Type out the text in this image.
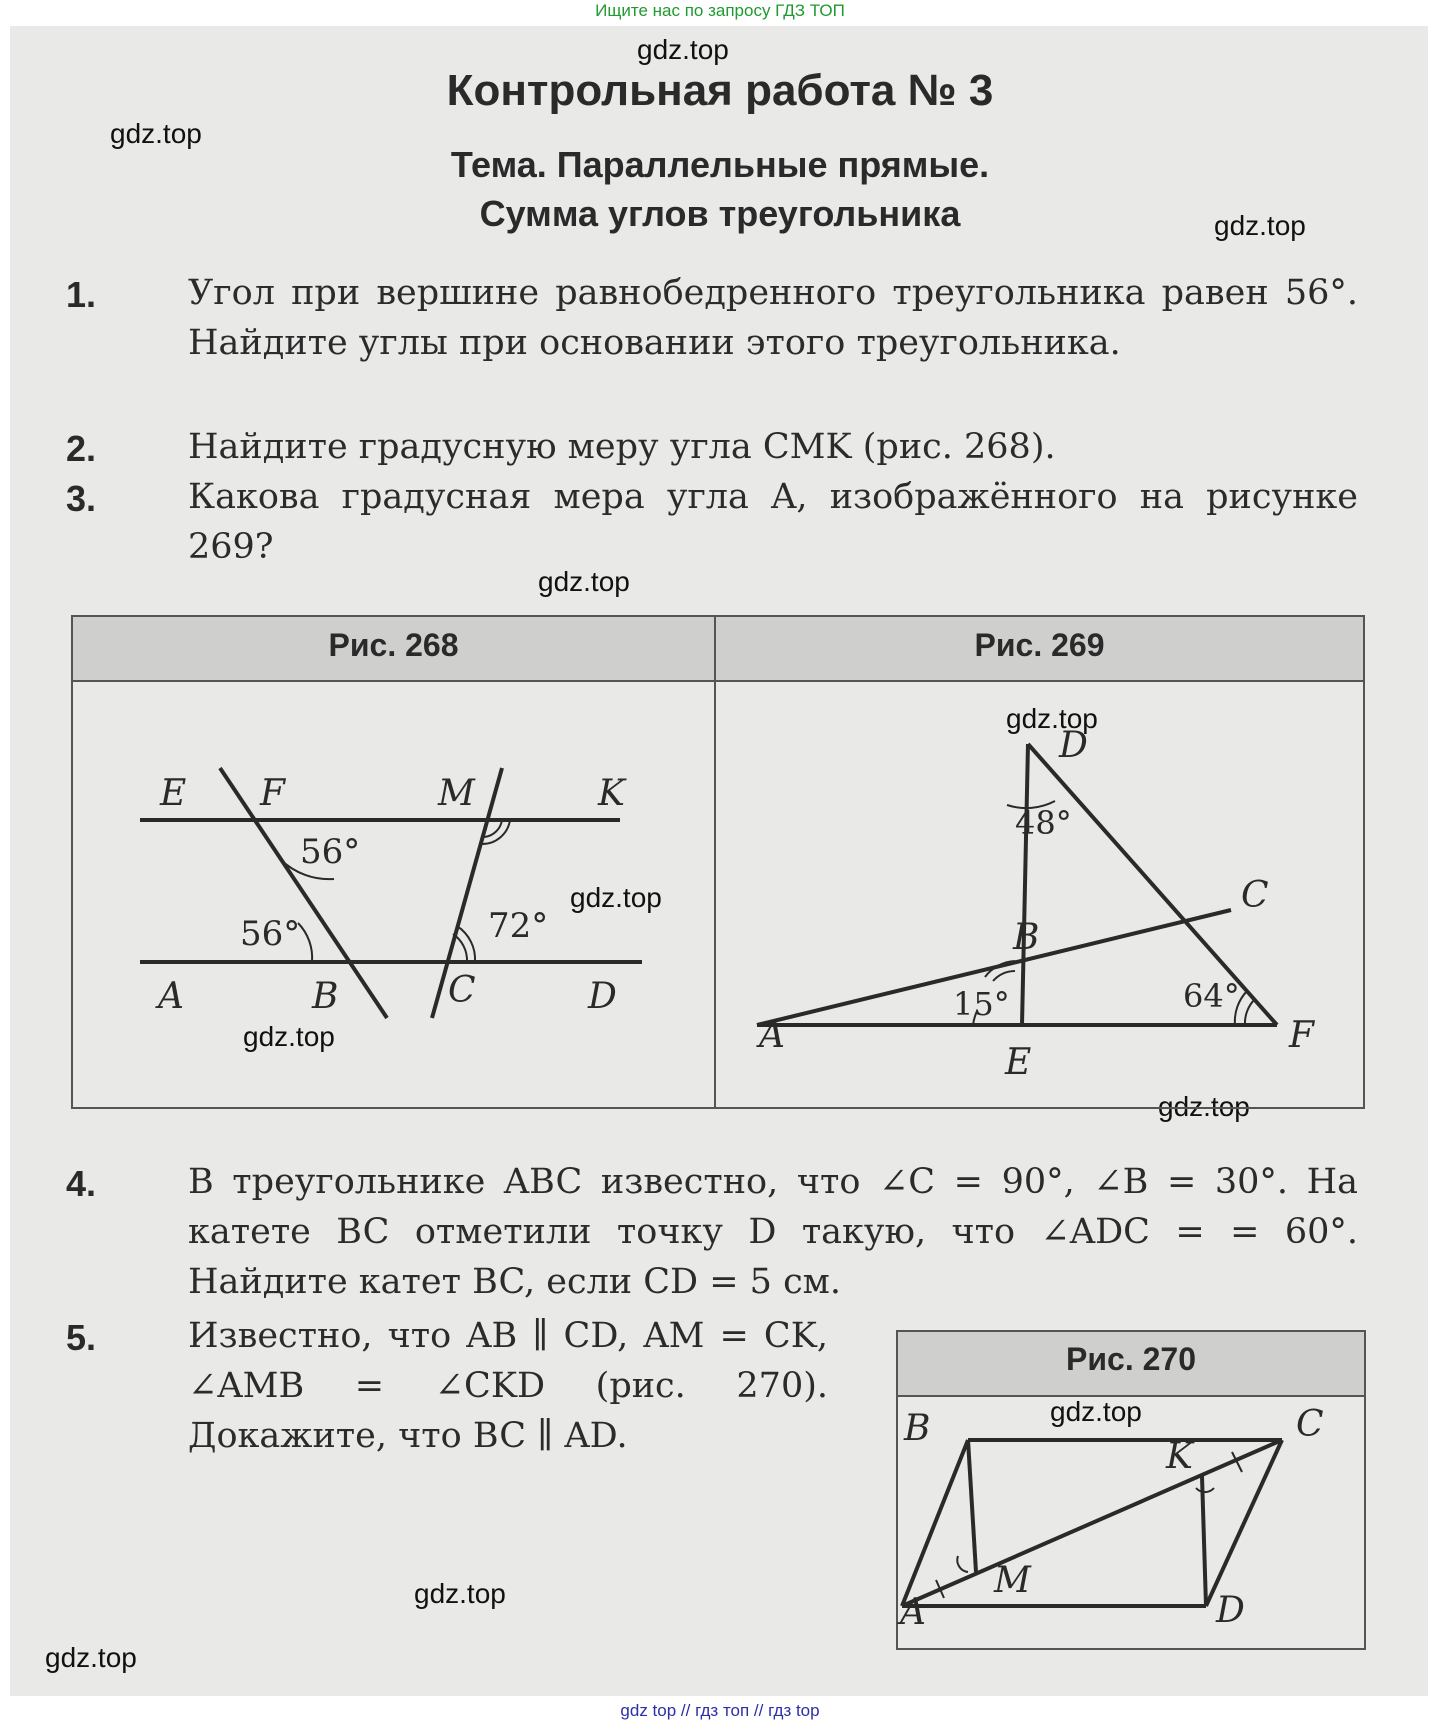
Ищите нас по запросу ГДЗ ТОП
gdz.top
gdz.top
gdz.top
gdz.top
gdz.top
gdz.top
gdz.top
gdz.top
gdz.top
gdz.top
gdz.top
Контрольная работа № 3
Тема. Параллельные прямые.
Сумма углов треугольника
1.	Угол при вершине равнобедренного треугольника равен 56°. Найдите углы при основании этого треугольника.

2.	Найдите градусную меру угла CMK (рис. 268).

3.	Какова градусная мера угла A, изображённого на рисунке 269?

Рис. 268	Рис. 269
E F	M	K
A	B	C	D
56°
56°	72°
D
C
B
A
E
F
48°
15°	64°
4.	В треугольнике ABC известно, что ∠C = 90°, ∠B = 30°. На катете BC отметили точку D такую, что ∠ADC = = 60°. Найдите катет BC, если CD = 5 см.

5.	Известно, что AB ∥ CD, AM = CK, ∠AMB = ∠CKD (рис. 270). Докажите, что BC ∥ AD.

Рис. 270
B	C
K
M
A	D
gdz top // гдз топ // гдз top
